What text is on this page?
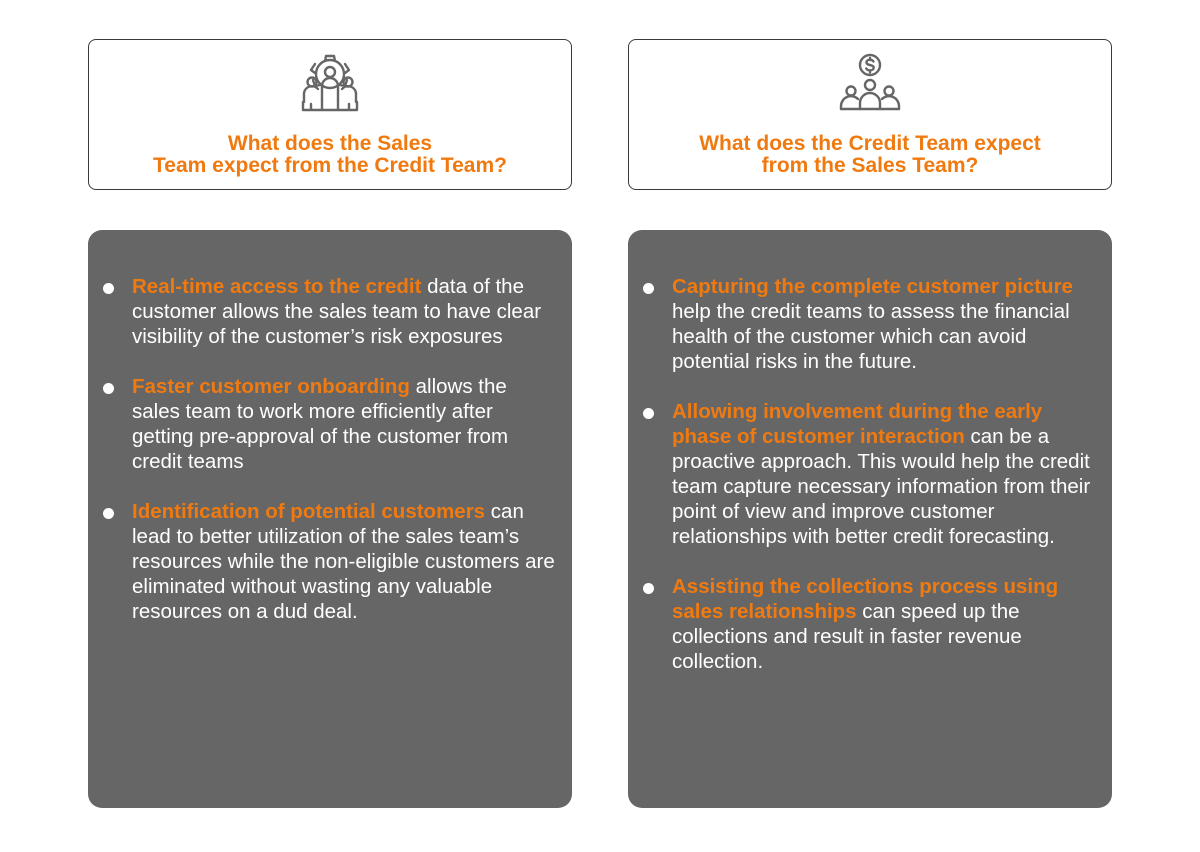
What does the Sales
Team expect from the Credit Team?
Real-time access to the credit data of the customer allows the sales team to have clear visibility of the customer’s risk exposures
Faster customer onboarding allows the sales team to work more efficiently after getting pre-approval of the customer from credit teams
Identification of potential customers can lead to better utilization of the sales team’s resources while the non-eligible customers are eliminated without wasting any valuable resources on a dud deal.
What does the Credit Team expect
from the Sales Team?
Capturing the complete customer picture help the credit teams to assess the financial health of the customer which can avoid potential risks in the future.
Allowing involvement during the early phase of customer interaction can be a proactive approach. This would help the credit team capture necessary information from their point of view and improve customer relationships with better credit forecasting.
Assisting the collections process using sales relationships can speed up the collections and result in faster revenue collection.
